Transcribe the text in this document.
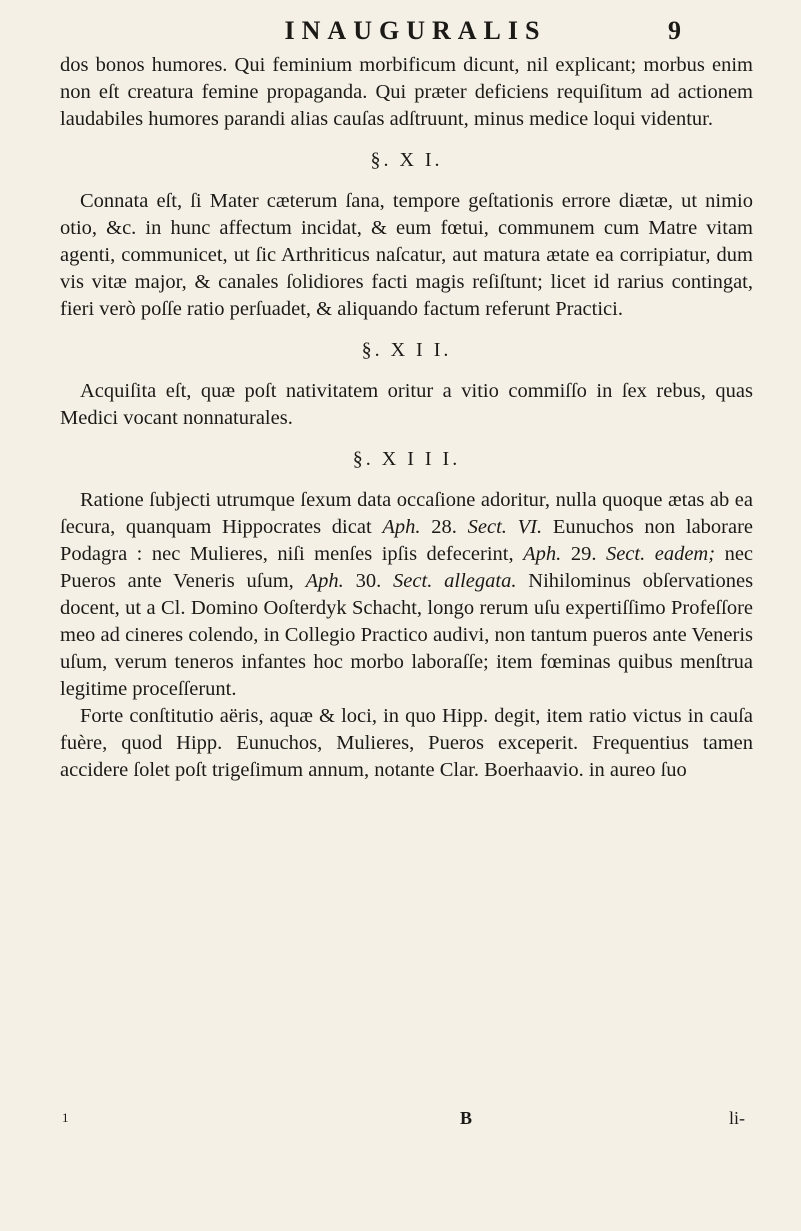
INAUGURALIS	9

dos bonos humores. Qui feminium morbificum dicunt, nil explicant; morbus enim non eſt creatura femine propaganda. Qui præter deficiens requiſitum ad actionem laudabiles humores parandi alias cauſas adſtruunt, minus medice loqui videntur.

§. X I.

Connata eſt, ſi Mater cæterum ſana, tempore geſtationis errore diætæ, ut nimio otio, &c. in hunc affectum incidat, & eum fœtui, communem cum Matre vitam agenti, communicet, ut ſic Arthriticus naſcatur, aut matura ætate ea corripiatur, dum vis vitæ major, & canales ſolidiores facti magis reſiſtunt; licet id rarius contingat, fieri verò poſſe ratio perſuadet, & aliquando factum referunt Practici.

§. X I I.

Acquiſita eſt, quæ poſt nativitatem oritur a vitio commiſſo in ſex rebus, quas Medici vocant nonnaturales.

§. X I I I.

Ratione ſubjecti utrumque ſexum data occaſione adoritur, nulla quoque ætas ab ea ſecura, quanquam Hippocrates dicat Aph. 28. Sect. VI. Eunuchos non laborare Podagra : nec Mulieres, niſi menſes ipſis defecerint, Aph. 29. Sect. eadem; nec Pueros ante Veneris uſum, Aph. 30. Sect. allegata. Nihilominus obſervationes docent, ut a Cl. Domino Ooſterdyk Schacht, longo rerum uſu expertiſſimo Profeſſore meo ad cineres colendo, in Collegio Practico audivi, non tantum pueros ante Veneris uſum, verum teneros infantes hoc morbo laboraſſe; item fœminas quibus menſtrua legitime proceſſerunt.

Forte conſtitutio aëris, aquæ & loci, in quo Hipp. degit, item ratio victus in cauſa fuère, quod Hipp. Eunuchos, Mulieres, Pueros exceperit. Frequentius tamen accidere ſolet poſt trigeſimum annum, notante Clar. Boerhaavio. in aureo ſuo

1	B	li-
